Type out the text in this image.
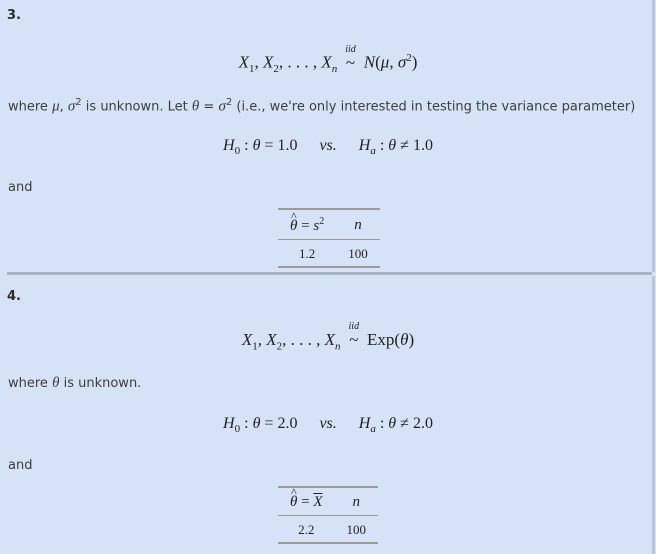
3.
$X_1$, $X_2$, . . . , $X_n$
iid
~ N(μ, $\sigma^2$)
where μ, $\sigma^2$ is unknown. Let $\theta = \sigma^2$ (i.e., we're only interested in testing the variance parameter)
$H_0$ : θ = 1.0 vs. $H_a$ : θ ≠ 1.0
and
^ $\theta = s^2$	n
1.2	100
4.
$X_1$, $X_2$, . . . , $X_n$
iid
~ Exp(θ)
where θ is unknown.
$H_0$ : θ = 2.0 vs. $H_a$ : θ ≠ 2.0
and
^ $\theta = \overline{X}$	n
2.2	100
